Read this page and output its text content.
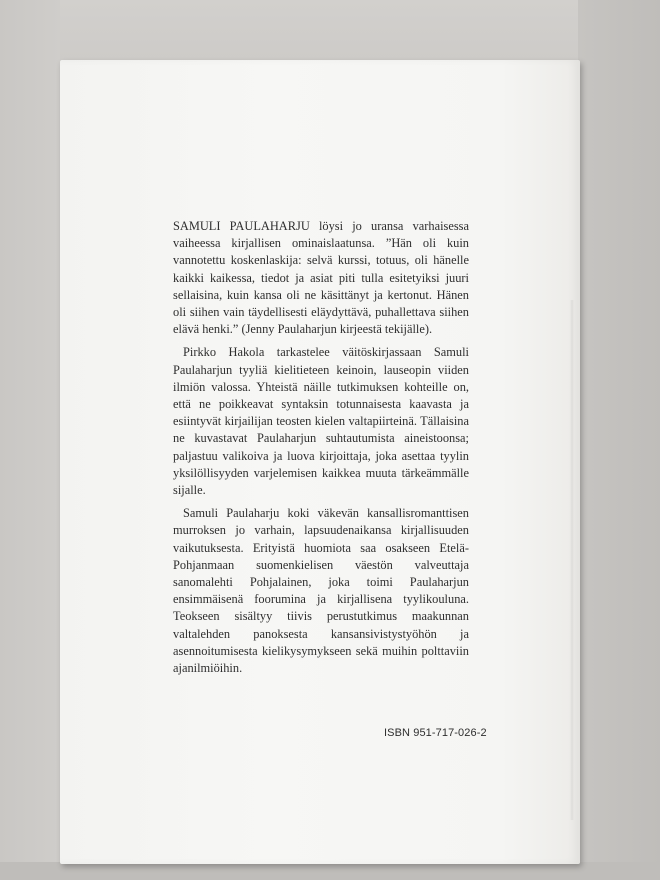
SAMULI PAULAHARJU löysi jo uransa varhaisessa vaiheessa kirjallisen ominaislaatunsa. ”Hän oli kuin vannotettu koskenlaskija: selvä kurssi, totuus, oli hänelle kaikki kaikessa, tiedot ja asiat piti tulla esitetyiksi juuri sellaisina, kuin kansa oli ne käsittänyt ja kertonut. Hänen oli siihen vain täydellisesti eläydyttävä, puhallettava siihen elävä henki.” (Jenny Paulaharjun kirjeestä tekijälle).

Pirkko Hakola tarkastelee väitöskirjassaan Samuli Paulaharjun tyyliä kielitieteen keinoin, lauseopin viiden ilmiön valossa. Yhteistä näille tutkimuksen kohteille on, että ne poikkeavat syntaksin totunnaisesta kaavasta ja esiintyvät kirjailijan teosten kielen valtapiirteinä. Tällaisina ne kuvastavat Paulaharjun suhtautumista aineistoonsa; paljastuu valikoiva ja luova kirjoittaja, joka asettaa tyylin yksilöllisyyden varjelemisen kaikkea muuta tärkeämmälle sijalle.

Samuli Paulaharju koki väkevän kansallisromanttisen murroksen jo varhain, lapsuudenaikansa kirjallisuuden vaikutuksesta. Erityistä huomiota saa osakseen Etelä-Pohjanmaan suomenkielisen väestön valveuttaja sanomalehti Pohjalainen, joka toimi Paulaharjun ensimmäisenä foorumina ja kirjallisena tyylikouluna. Teokseen sisältyy tiivis perustutkimus maakunnan valtalehden panoksesta kansansivistystyöhön ja asennoitumisesta kielikysymykseen sekä muihin polttaviin ajanilmiöihin.

ISBN 951-717-026-2
